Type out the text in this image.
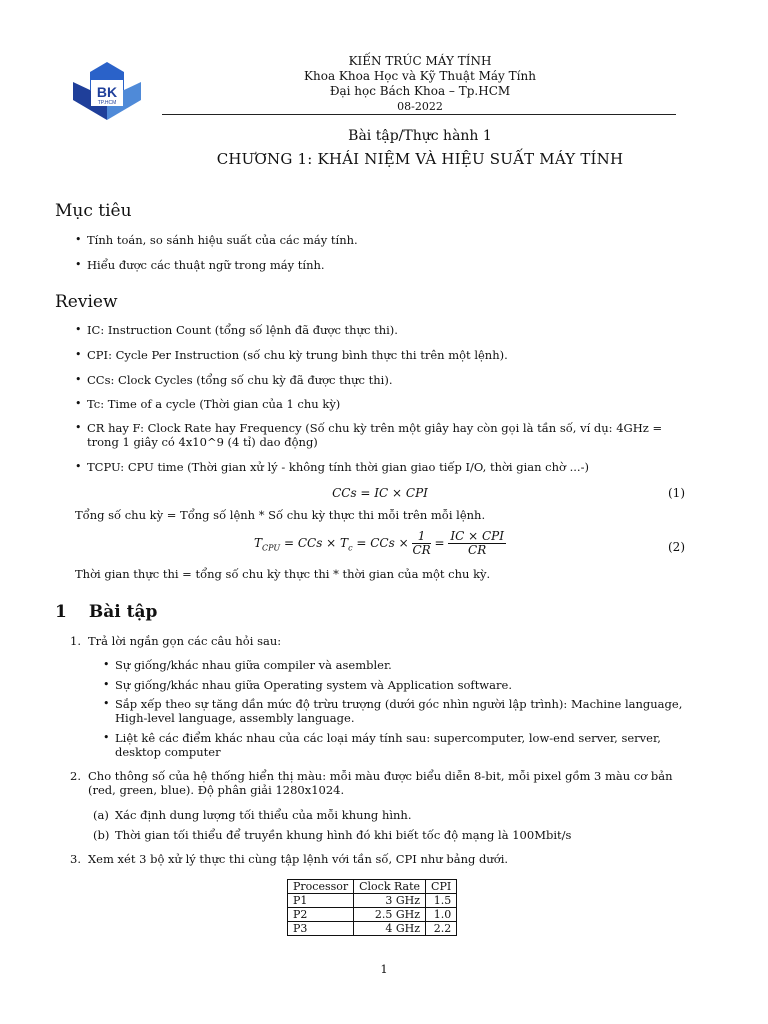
BK
TP.HCM
KIẾN TRÚC MÁY TÍNH
Khoa Khoa Học và Kỹ Thuật Máy Tính
Đại học Bách Khoa – Tp.HCM
08-2022
Bài tập/Thực hành 1
CHƯƠNG 1: KHÁI NIỆM VÀ HIỆU SUẤT MÁY TÍNH
Mục tiêu
• Tính toán, so sánh hiệu suất của các máy tính.
• Hiểu được các thuật ngữ trong máy tính.
Review
• IC: Instruction Count (tổng số lệnh đã được thực thi).
• CPI: Cycle Per Instruction (số chu kỳ trung bình thực thi trên một lệnh).
• CCs: Clock Cycles (tổng số chu kỳ đã được thực thi).
• Tc: Time of a cycle (Thời gian của 1 chu kỳ)
• CR hay F: Clock Rate hay Frequency (Số chu kỳ trên một giây hay còn gọi là tần số, ví dụ: 4GHz = trong 1 giây có 4x10^9 (4 tỉ) dao động)
• TCPU: CPU time (Thời gian xử lý - không tính thời gian giao tiếp I/O, thời gian chờ ...-)
CCs = IC × CPI	(1)
Tổng số chu kỳ = Tổng số lệnh * Số chu kỳ thực thi mỗi trên mỗi lệnh.
$T_{CPU}$ = CCs × $T_c$ = CCs × $\frac{1}{CR} = \frac{\text{IC × CPI}}{CR}$	(2)
Thời gian thực thi = tổng số chu kỳ thực thi * thời gian của một chu kỳ.
1 Bài tập
1. Trả lời ngắn gọn các câu hỏi sau:
• Sự giống/khác nhau giữa compiler và asembler.
• Sự giống/khác nhau giữa Operating system và Application software.
• Sắp xếp theo sự tăng dần mức độ trừu trượng (dưới góc nhìn người lập trình): Machine language, High-level language, assembly language.
• Liệt kê các điểm khác nhau của các loại máy tính sau: supercomputer, low-end server, server, desktop computer
2. Cho thông số của hệ thống hiển thị màu: mỗi màu được biểu diễn 8-bit, mỗi pixel gồm 3 màu cơ bản (red, green, blue). Độ phân giải 1280x1024.
(a) Xác định dung lượng tối thiểu của mỗi khung hình.
(b) Thời gian tối thiểu để truyền khung hình đó khi biết tốc độ mạng là 100Mbit/s
3. Xem xét 3 bộ xử lý thực thi cùng tập lệnh với tần số, CPI như bảng dưới.
Processor	Clock Rate	CPI
P1	3 GHz	1.5
P2	2.5 GHz	1.0
P3	4 GHz	2.2
1
